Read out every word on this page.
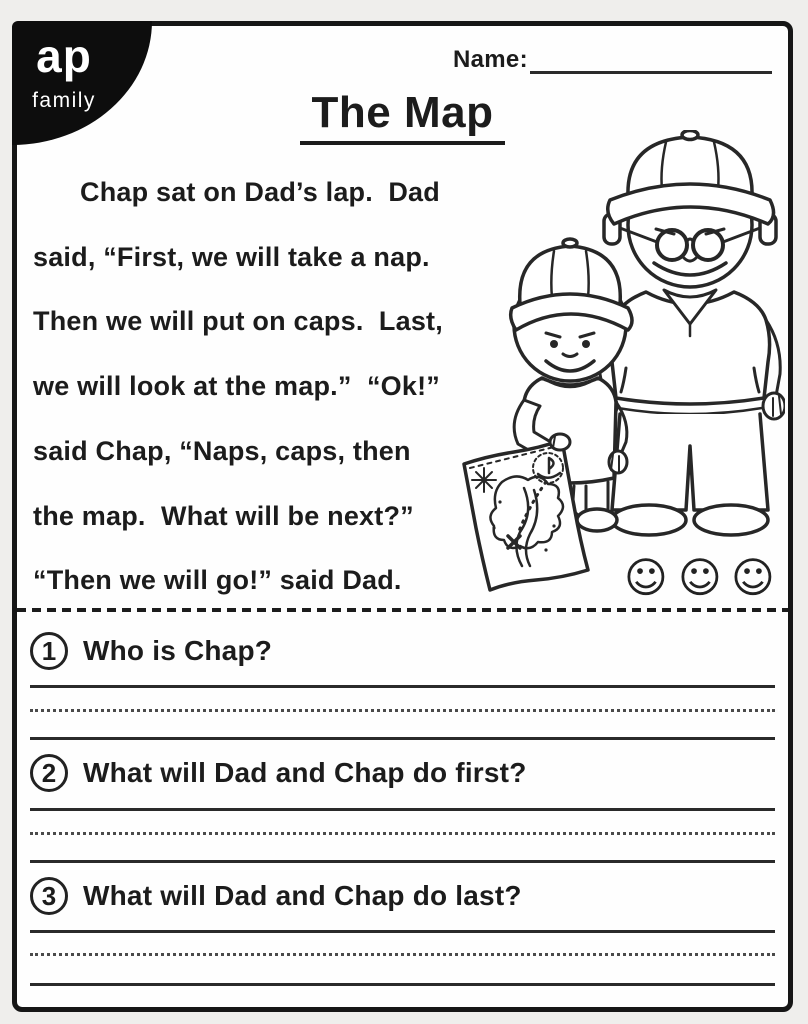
ap
family
Name:
The Map
Chap sat on Dad’s lap.  Dad
said, “First, we will take a nap.
Then we will put on caps.  Last,
we will look at the map.”  “Ok!”
said Chap, “Naps, caps, then
the map.  What will be next?”
“Then we will go!” said Dad.	☺ ☺ ☺
1 Who is Chap?
2 What will Dad and Chap do first?
3 What will Dad and Chap do last?
